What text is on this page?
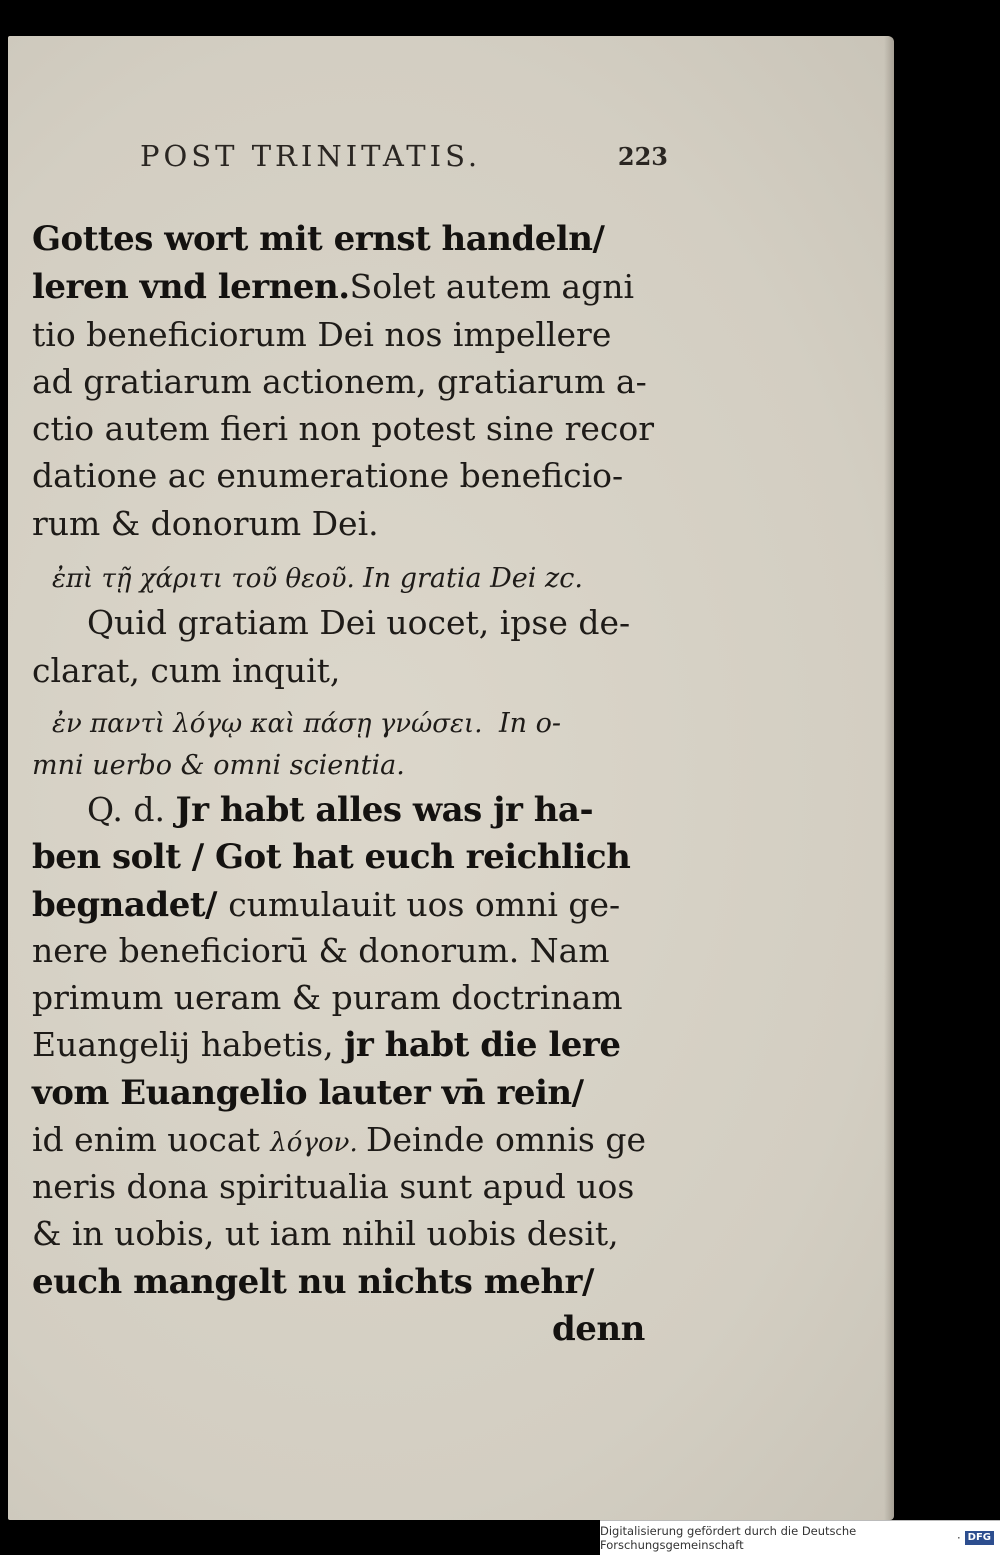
POST TRINITATIS.	223
Gottes wort mit ernst handeln/
leren vnd lernen.Solet autem agni
tio beneficiorum Dei nos impellere
ad gratiarum actionem, gratiarum a-
ctio autem fieri non potest sine recor
datione ac enumeratione beneficio-
rum & donorum Dei.
ἐπὶ τῇ χάριτι τοῦ θεοῦ. In gratia Dei zc.
Quid gratiam Dei uocet, ipse de-
clarat, cum inquit,
ἐν παντὶ λόγῳ καὶ πάσῃ γνώσει.  In o-
mni uerbo & omni scientia.
Q. d. Jr habt alles was jr ha-
ben solt / Got hat euch reichlich
begnadet/ cumulauit uos omni ge-
nere beneficiorū & donorum. Nam
primum ueram & puram doctrinam
Euangelij habetis, jr habt die lere
vom Euangelio lauter vn̄ rein/
id enim uocat λόγον. Deinde omnis ge
neris dona spiritualia sunt apud uos
& in uobis, ut iam nihil uobis desit,
euch mangelt nu nichts mehr/
denn
Digitalisierung gefördert durch die Deutsche Forschungsgemeinschaft	· DFG
